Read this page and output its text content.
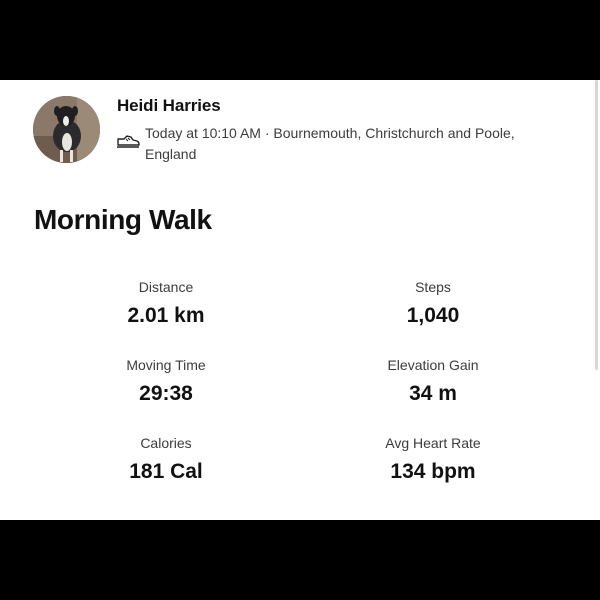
Heidi Harries
Today at 10:10 AM · Bournemouth, Christchurch and Poole, England
Morning Walk
Distance
2.01 km
Steps
1,040
Moving Time
29:38
Elevation Gain
34 m
Calories
181 Cal
Avg Heart Rate
134 bpm
